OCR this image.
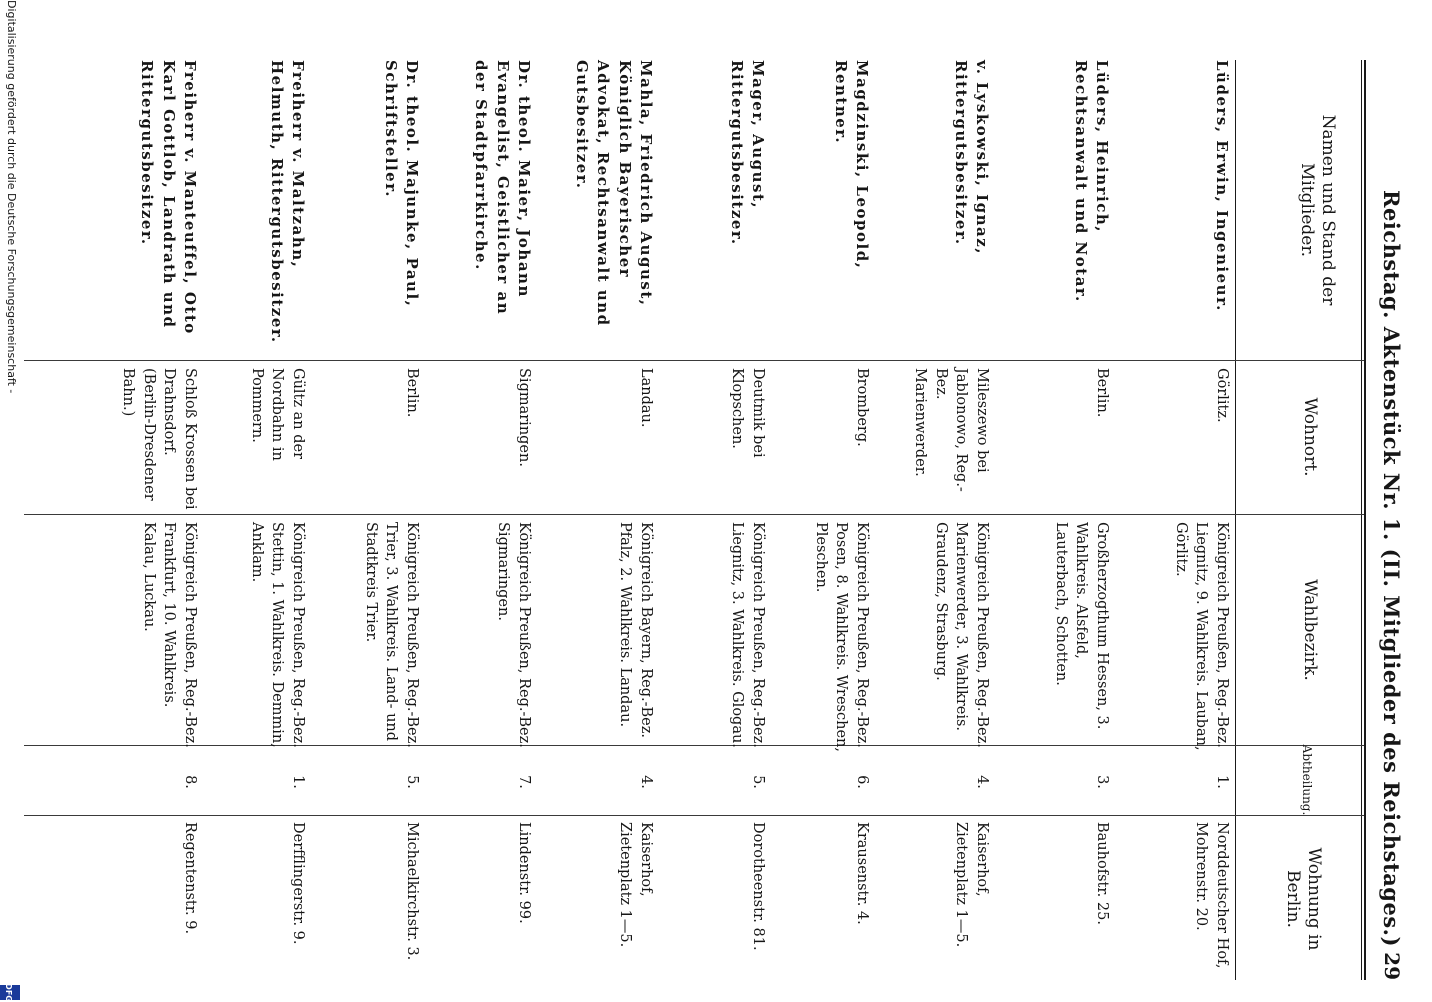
Reichstag. Aktenstück Nr. 1. (II. Mitglieder des Reichstages.)
29
Namen und Stand der Mitglieder.
Wohnort.
Wahlbezirk.
Abtheilung.
Wohnung in Berlin.
Lüders, Erwin, Ingenieur.
Görlitz.
Königreich Preußen, Reg.-Bez. Liegnitz, 9. Wahlkreis. Lauban, Görlitz.
1.
Norddeutscher Hof, Mohrenstr. 20.
Lüders, Heinrich, Rechtsanwalt und Notar.
Berlin.
Großherzogthum Hessen, 3. Wahlkreis. Alsfeld, Lauterbach, Schotten.
3.
Bauhofstr. 25.
v. Lyskowski, Ignaz, Rittergutsbesitzer.
Mileszewo bei Jablonowo, Reg.-Bez. Marienwerder.
Königreich Preußen, Reg.-Bez. Marienwerder, 3. Wahlkreis. Graudenz, Strasburg.
4.
Kaiserhof, Zietenplatz 1—5.
Magdzinski, Leopold, Rentner.
Bromberg.
Königreich Preußen, Reg.-Bez. Posen, 8. Wahlkreis. Wreschen, Pleschen.
6.
Krausenstr. 4.
Mager, August, Rittergutsbesitzer.
Deutmik bei Klopschen.
Königreich Preußen, Reg.-Bez. Liegnitz, 3. Wahlkreis. Glogau.
5.
Dorotheenstr. 81.
Mahla, Friedrich August, Königlich Bayerischer Advokat, Rechtsanwalt und Gutsbesitzer.
Landau.
Königreich Bayern, Reg.-Bez. Pfalz, 2. Wahlkreis. Landau.
4.
Kaiserhof, Zietenplatz 1—5.
Dr. theol. Maier, Johann Evangelist, Geistlicher an der Stadtpfarrkirche.
Sigmaringen.
Königreich Preußen, Reg.-Bez. Sigmaringen.
7.
Lindenstr. 99.
Dr. theol. Majunke, Paul, Schriftsteller.
Berlin.
Königreich Preußen, Reg.-Bez. Trier, 3. Wahlkreis. Land- und Stadtkreis Trier.
5.
Michaelkirchstr. 3.
Freiherr v. Maltzahn, Helmuth, Rittergutsbesitzer.
Gültz an der Nordbahn in Pommern.
Königreich Preußen, Reg.-Bez. Stettin, 1. Wahlkreis. Demmin, Anklam.
1.
Derfflingerstr. 9.
Freiherr v. Manteuffel, Otto Karl Gottlob, Landrath und Rittergutsbesitzer.
Schloß Krossen bei Drahnsdorf. (Berlin-Dresdener Bahn.)
Königreich Preußen, Reg.-Bez. Frankfurt, 10. Wahlkreis. Kalau, Luckau.
8.
Regentenstr. 9.
Digitalisierung gefördert durch die Deutsche Forschungsgemeinschaft -
DFG
